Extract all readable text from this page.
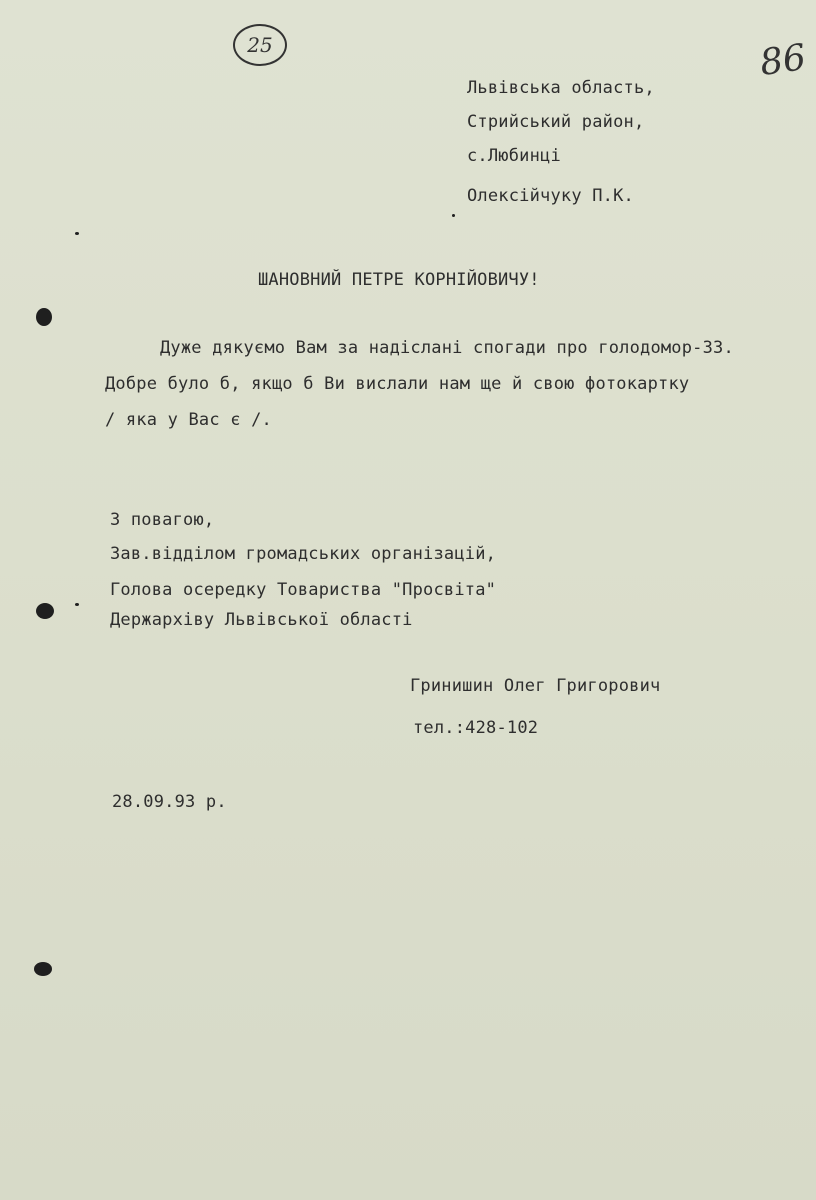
25	86
Львівська область,
Стрийський район,
с.Любинці
Олексійчуку П.К.
ШАНОВНИЙ ПЕТРЕ КОРНІЙОВИЧУ!
Дуже дякуємо Вам за надіслані спогади про голодомор-33.
Добре було б, якщо б Ви вислали нам ще й свою фотокартку
/ яка у Вас є /.
З повагою,
Зав.відділом громадських організацій,
Голова осередку Товариства "Просвіта"
Держархіву Львівської області
Гринишин Олег Григорович
тел.:428-102
28.09.93 р.
